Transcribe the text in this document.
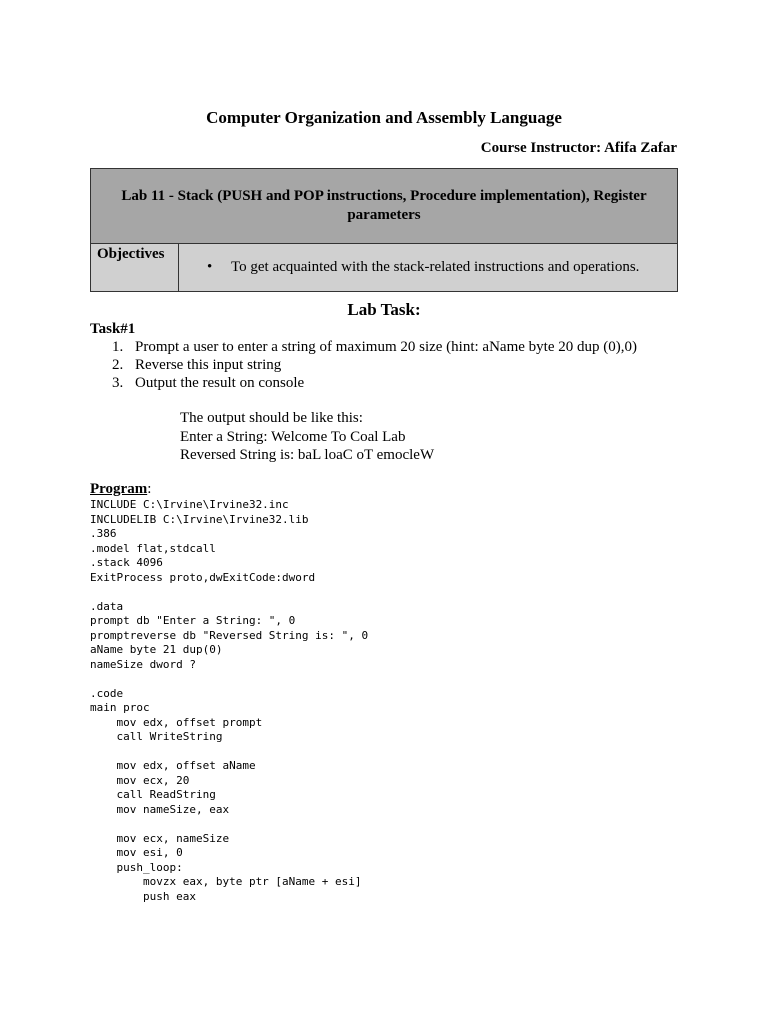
Computer Organization and Assembly Language
Course Instructor: Afifa Zafar
Lab 11 - Stack (PUSH and POP instructions, Procedure implementation), Register parameters
Objectives	• To get acquainted with the stack-related instructions and operations.
Lab Task:
Task#1
1. Prompt a user to enter a string of maximum 20 size (hint: aName byte 20 dup (0),0)
2. Reverse this input string
3. Output the result on console
The output should be like this:
Enter a String: Welcome To Coal Lab
Reversed String is: baL loaC oT emocleW
Program:
INCLUDE C:\Irvine\Irvine32.inc
INCLUDELIB C:\Irvine\Irvine32.lib
.386
.model flat,stdcall
.stack 4096
ExitProcess proto,dwExitCode:dword

.data
prompt db "Enter a String: ", 0
promptreverse db "Reversed String is: ", 0
aName byte 21 dup(0)
nameSize dword ?

.code
main proc
mov edx, offset prompt
call WriteString

mov edx, offset aName
mov ecx, 20
call ReadString
mov nameSize, eax

mov ecx, nameSize
mov esi, 0
push_loop:
movzx eax, byte ptr [aName + esi]
push eax
